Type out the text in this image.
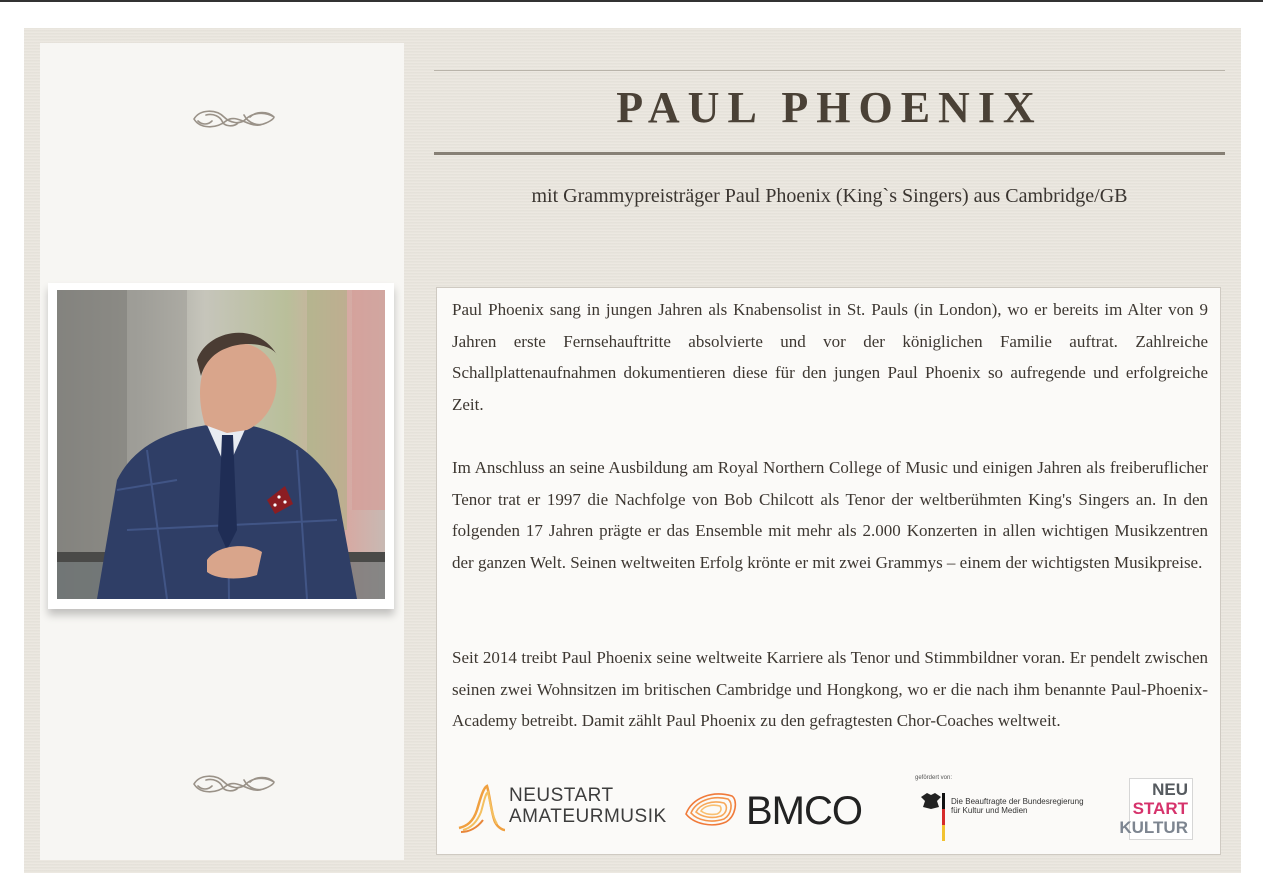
PAUL PHOENIX
mit Grammypreisträger Paul Phoenix (King`s Singers) aus Cambridge/GB

Paul Phoenix sang in jungen Jahren als Knabensolist in St. Pauls (in London), wo er bereits im Alter von 9 Jahren erste Fernsehauftritte absolvierte und vor der königlichen Familie auftrat. Zahlreiche Schallplattenaufnahmen dokumentieren diese für den jungen Paul Phoenix so aufregende und erfolgreiche Zeit.

Im Anschluss an seine Ausbildung am Royal Northern College of Music und einigen Jahren als freiberuflicher Tenor trat er 1997 die Nachfolge von Bob Chilcott als Tenor der weltberühmten King's Singers an. In den folgenden 17 Jahren prägte er das Ensemble mit mehr als 2.000 Konzerten in allen wichtigen Musikzentren der ganzen Welt. Seinen weltweiten Erfolg krönte er mit zwei Grammys – einem der wichtigsten Musikpreise.

Seit 2014 treibt Paul Phoenix seine weltweite Karriere als Tenor und Stimmbildner voran. Er pendelt zwischen seinen zwei Wohnsitzen im britischen Cambridge und Hongkong, wo er die nach ihm benannte Paul-Phoenix-Academy betreibt. Damit zählt Paul Phoenix zu den gefragtesten Chor-Coaches weltweit.

NEUSTART
AMATEURMUSIK BMCO
gefördert von:
Die Beauftragte der Bundesregierung
für Kultur und Medien
NEU
START
KULTUR
